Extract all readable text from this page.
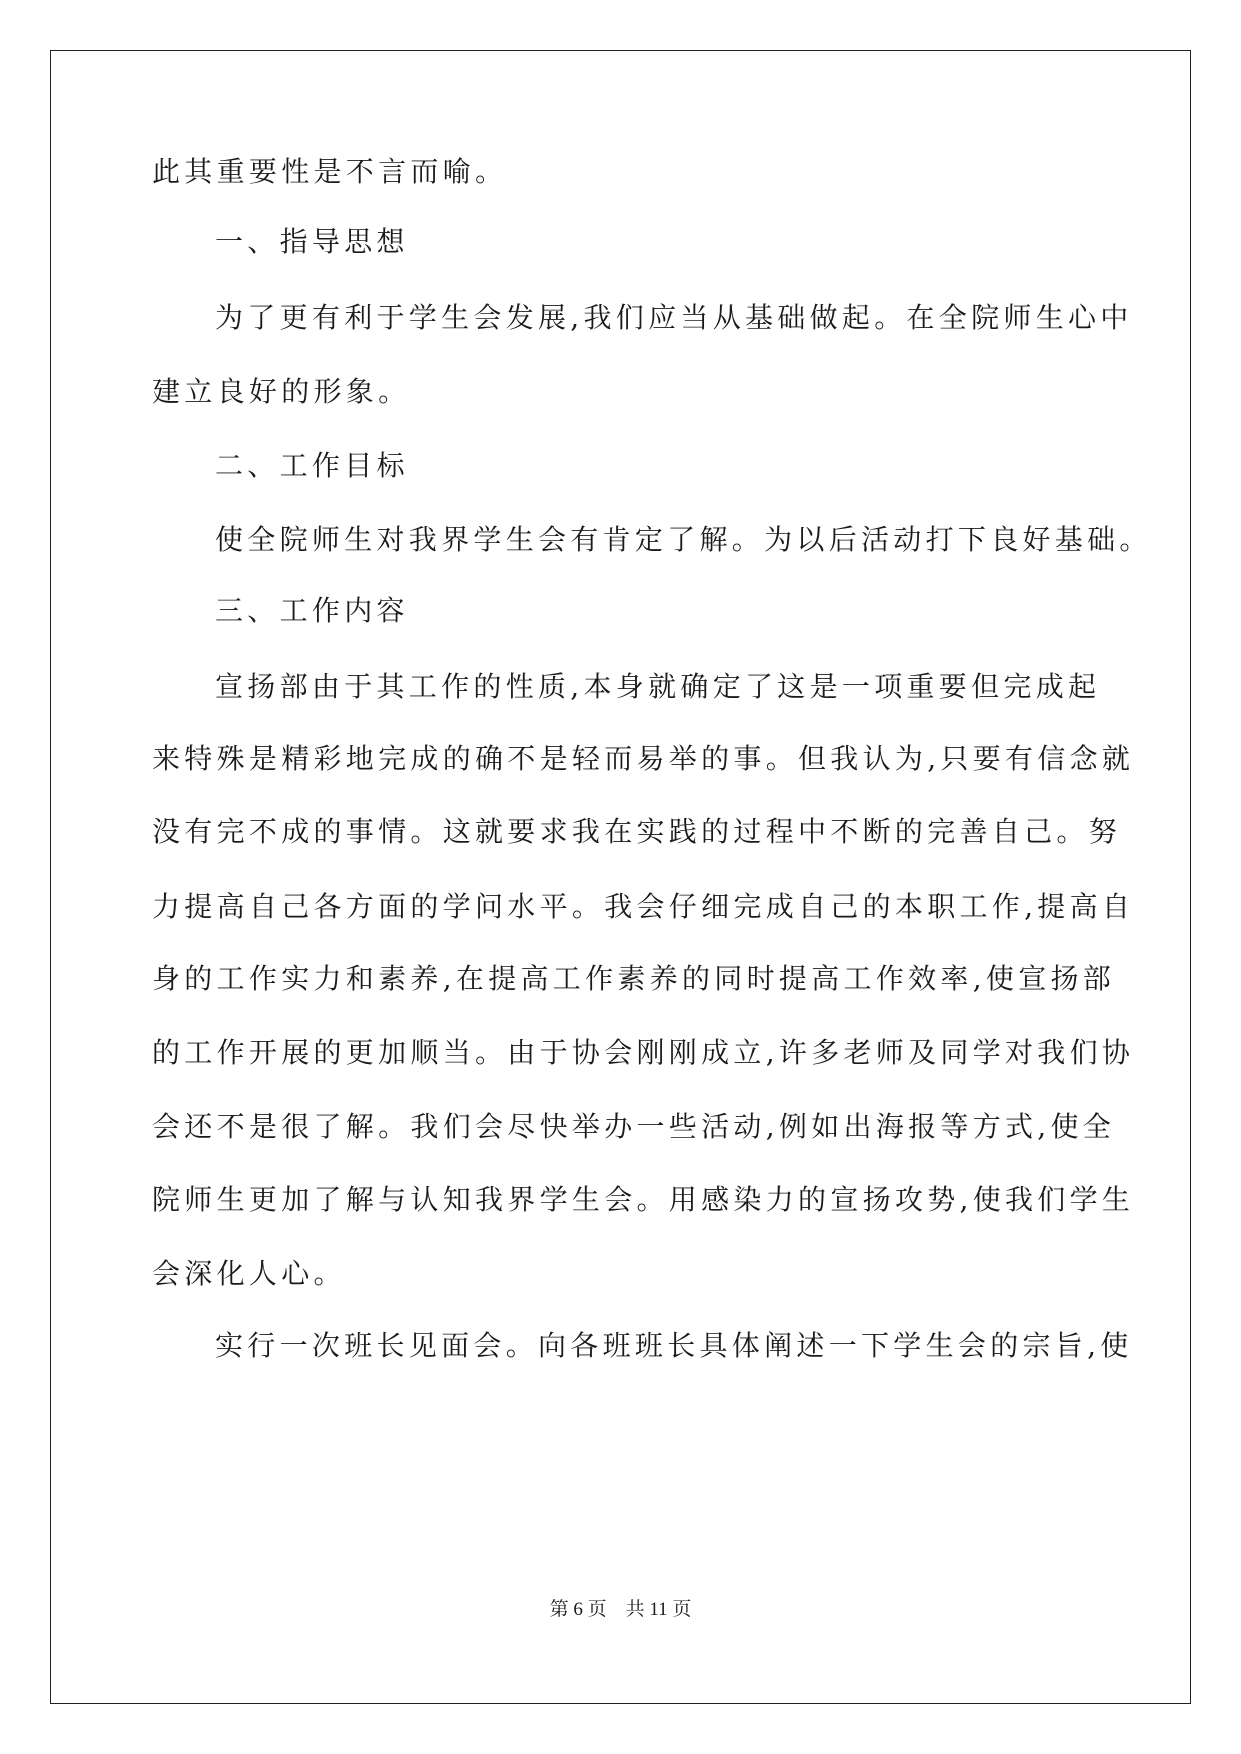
此其重要性是不言而喻。
一、指导思想
为了更有利于学生会发展,我们应当从基础做起。在全院师生心中
建立良好的形象。
二、工作目标
使全院师生对我界学生会有肯定了解。为以后活动打下良好基础。
三、工作内容
宣扬部由于其工作的性质,本身就确定了这是一项重要但完成起
来特殊是精彩地完成的确不是轻而易举的事。但我认为,只要有信念就
没有完不成的事情。这就要求我在实践的过程中不断的完善自己。努
力提高自己各方面的学问水平。我会仔细完成自己的本职工作,提高自
身的工作实力和素养,在提高工作素养的同时提高工作效率,使宣扬部
的工作开展的更加顺当。由于协会刚刚成立,许多老师及同学对我们协
会还不是很了解。我们会尽快举办一些活动,例如出海报等方式,使全
院师生更加了解与认知我界学生会。用感染力的宣扬攻势,使我们学生
会深化人心。
实行一次班长见面会。向各班班长具体阐述一下学生会的宗旨,使
第 6 页    共 11 页
